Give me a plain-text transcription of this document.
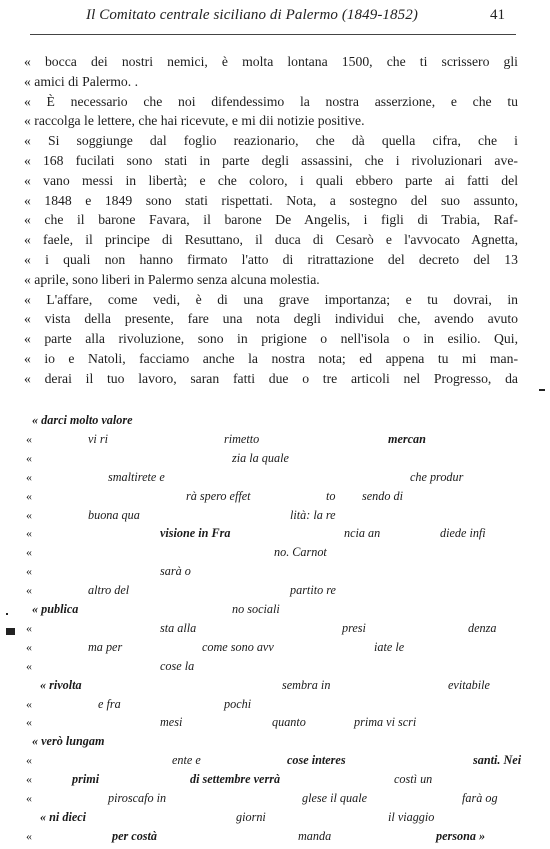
Il Comitato centrale siciliano di Palermo (1849-1852)	41
« bocca dei nostri nemici, è molta lontana 1500, che ti scrissero gli
« amici di Palermo. .
« È necessario che noi difendessimo la nostra asserzione, e che tu
« raccolga le lettere, che hai ricevute, e mi dii notizie positive.
« Si soggiunge dal foglio reazionario, che dà quella cifra, che i
« 168 fucilati sono stati in parte degli assassini, che i rivoluzionari ave-
« vano messi in libertà; e che coloro, i quali ebbero parte ai fatti del
« 1848 e 1849 sono stati rispettati. Nota, a sostegno del suo assunto,
« che il barone Favara, il barone De Angelis, i figli di Trabia, Raf-
« faele, il principe di Resuttano, il duca di Cesarò e l'avvocato Agnetta,
« i quali non hanno firmato l'atto di ritrattazione del decreto del 13
« aprile, sono liberi in Palermo senza alcuna molestia.
« L'affare, come vedi, è di una grave importanza; e tu dovrai, in
« vista della presente, fare una nota degli individui che, avendo avuto
« parte alla rivoluzione, sono in prigione o nell'isola o in esilio. Qui,
« io e Natoli, facciamo anche la nostra nota; ed appena tu mi man-
« derai il tuo lavoro, saran fatti due o tre articoli nel Progresso, da
« darci molto valore
«	vi ri	rimetto	mercan
«	zia la quale
«	smaltirete e	che produr
«	rà spero effet	to sendo di
«	buona qua	lità: la re
«	visione in Fra	ncia an	diede infi
«	no. Carnot
«	sarà o
«	altro del	partito re
« publica	no sociali
«	sta alla	presi	denza
«	ma per	come sono avv	iate le
«	cose la
« rivolta	sembra in	evitabile
«	e fra	pochi
«	mesi	quanto	prima vi scri
« verò lungam
«	ente e	cose interes	santi. Nei
«	primi	di settembre verrà	costì un
«	piroscafo in	glese il quale	farà og
« ni dieci	giorni	il viaggio
«	per costà	manda	persona »
